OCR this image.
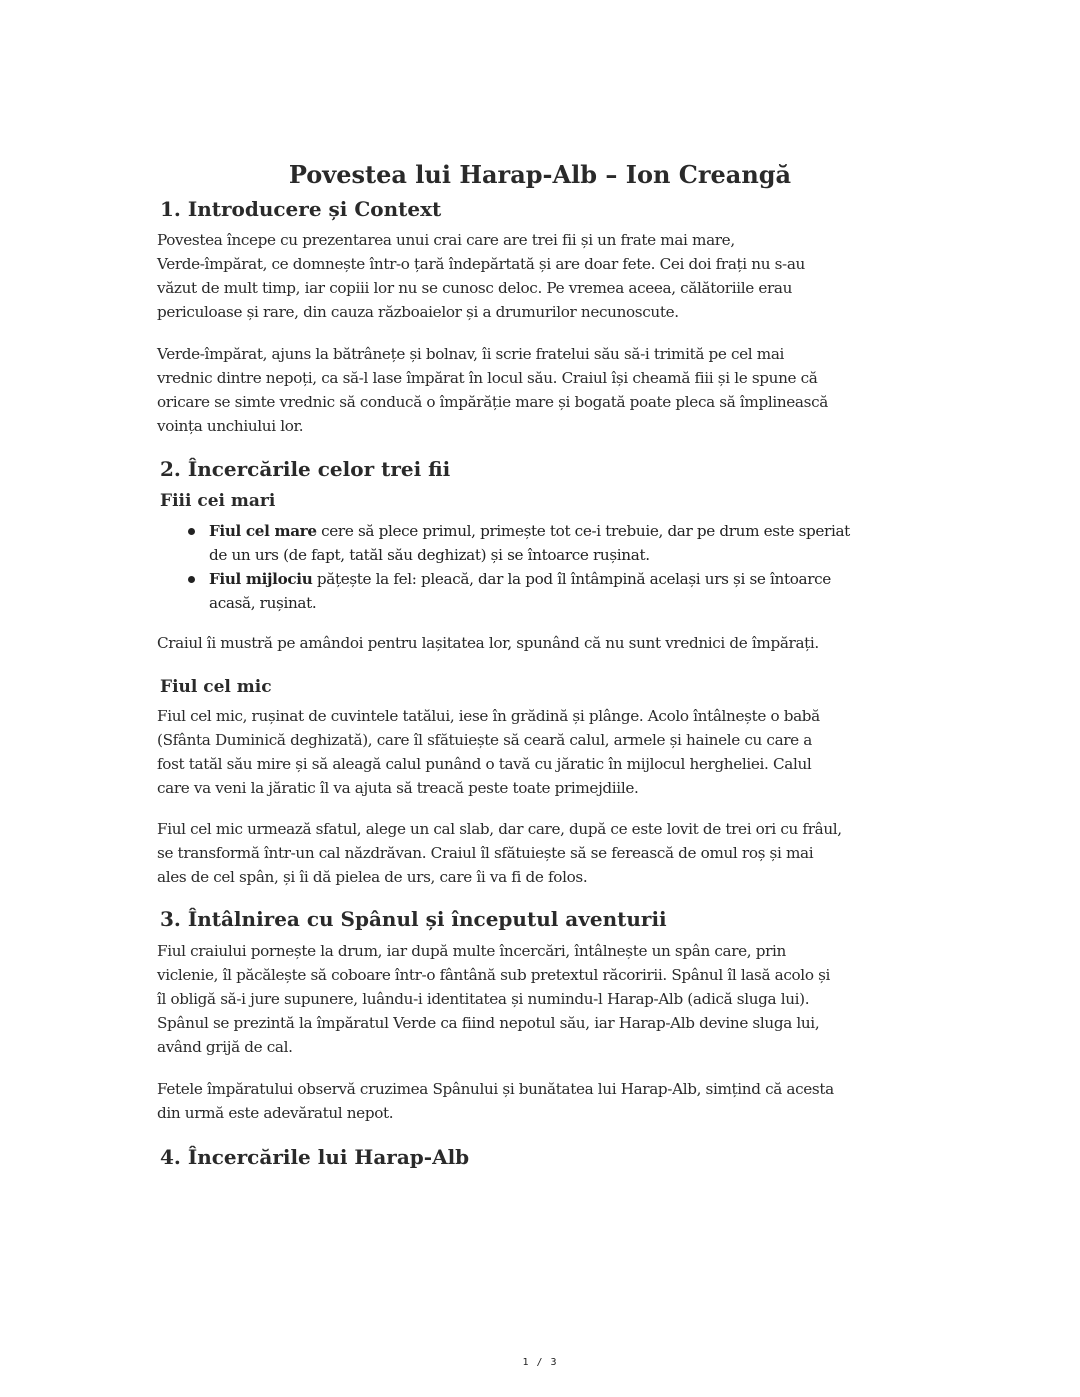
Povestea lui Harap-Alb – Ion Creangă
1. Introducere și Context
Povestea începe cu prezentarea unui crai care are trei fii și un frate mai mare,
Verde-împărat, ce domnește într-o țară îndepărtată și are doar fete. Cei doi frați nu s-au
văzut de mult timp, iar copiii lor nu se cunosc deloc. Pe vremea aceea, călătoriile erau
periculoase și rare, din cauza războaielor și a drumurilor necunoscute.
Verde-împărat, ajuns la bătrânețe și bolnav, îi scrie fratelui său să-i trimită pe cel mai
vrednic dintre nepoți, ca să-l lase împărat în locul său. Craiul își cheamă fiii și le spune că
oricare se simte vrednic să conducă o împărăție mare și bogată poate pleca să împlinească
voința unchiului lor.
2. Încercările celor trei fii
Fiii cei mari
Fiul cel mare cere să plece primul, primește tot ce-i trebuie, dar pe drum este speriat
de un urs (de fapt, tatăl său deghizat) și se întoarce rușinat.
Fiul mijlociu pățește la fel: pleacă, dar la pod îl întâmpină același urs și se întoarce
acasă, rușinat.
Craiul îi mustră pe amândoi pentru lașitatea lor, spunând că nu sunt vrednici de împărați.
Fiul cel mic
Fiul cel mic, rușinat de cuvintele tatălui, iese în grădină și plânge. Acolo întâlnește o babă
(Sfânta Duminică deghizată), care îl sfătuiește să ceară calul, armele și hainele cu care a
fost tatăl său mire și să aleagă calul punând o tavă cu jăratic în mijlocul hergheliei. Calul
care va veni la jăratic îl va ajuta să treacă peste toate primejdiile.
Fiul cel mic urmează sfatul, alege un cal slab, dar care, după ce este lovit de trei ori cu frâul,
se transformă într-un cal năzdrăvan. Craiul îl sfătuiește să se ferească de omul roș și mai
ales de cel spân, și îi dă pielea de urs, care îi va fi de folos.
3. Întâlnirea cu Spânul și începutul aventurii
Fiul craiului pornește la drum, iar după multe încercări, întâlnește un spân care, prin
viclenie, îl păcălește să coboare într-o fântână sub pretextul răcoririi. Spânul îl lasă acolo și
îl obligă să-i jure supunere, luându-i identitatea și numindu-l Harap-Alb (adică sluga lui).
Spânul se prezintă la împăratul Verde ca fiind nepotul său, iar Harap-Alb devine sluga lui,
având grijă de cal.
Fetele împăratului observă cruzimea Spânului și bunătatea lui Harap-Alb, simțind că acesta
din urmă este adevăratul nepot.
4. Încercările lui Harap-Alb
1 / 3
